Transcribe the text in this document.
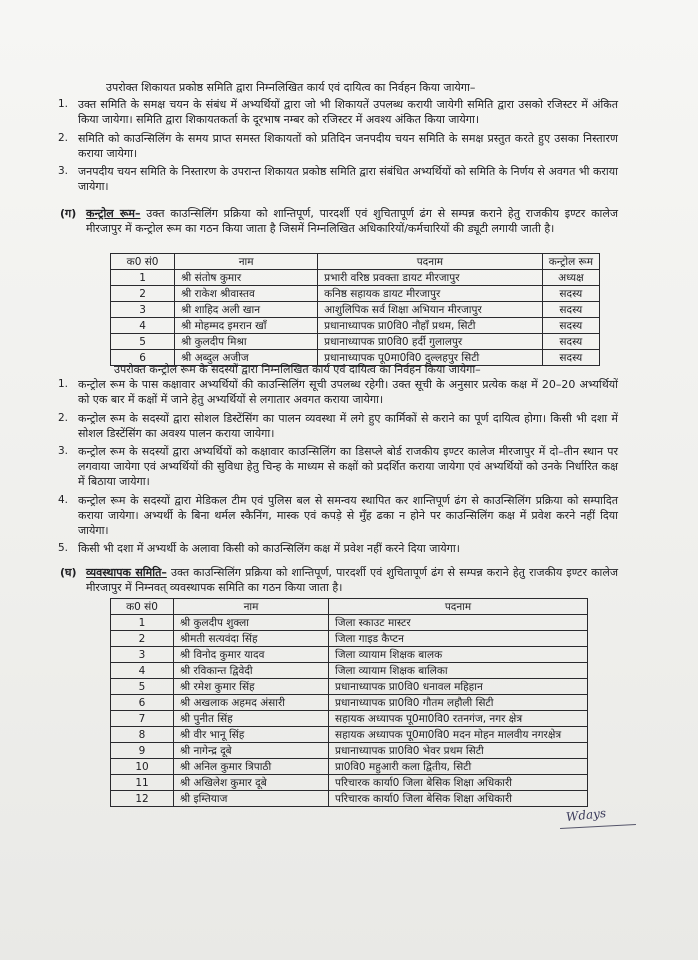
उपरोक्त शिकायत प्रकोष्ठ समिति द्वारा निम्नलिखित कार्य एवं दायित्व का निर्वहन किया जायेगा–

1. उक्त समिति के समक्ष चयन के संबंध में अभ्यर्थियों द्वारा जो भी शिकायतें उपलब्ध करायी जायेगी समिति द्वारा उसको रजिस्टर में अंकित किया जायेगा। समिति द्वारा शिकायतकर्ता के दूरभाष नम्बर को रजिस्टर में अवश्य अंकित किया जायेगा।

2. समिति को काउन्सिलिंग के समय प्राप्त समस्त शिकायतों को प्रतिदिन जनपदीय चयन समिति के समक्ष प्रस्तुत करते हुए उसका निस्तारण कराया जायेगा।

3. जनपदीय चयन समिति के निस्तारण के उपरान्त शिकायत प्रकोष्ठ समिति द्वारा संबंधित अभ्यर्थियों को समिति के निर्णय से अवगत भी कराया जायेगा।

(ग) कन्ट्रोल रूम– उक्त काउन्सिलिंग प्रक्रिया को शान्तिपूर्ण, पारदर्शी एवं शुचितापूर्ण ढंग से सम्पन्न कराने हेतु राजकीय इण्टर कालेज मीरजापुर में कन्ट्रोल रूम का गठन किया जाता है जिसमें निम्नलिखित अधिकारियों/कर्मचारियों की ड्यूटी लगायी जाती है।

क0 सं0	नाम	पदनाम	कन्ट्रोल रूम
1	श्री संतोष कुमार	प्रभारी वरिष्ठ प्रवक्ता डायट मीरजापुर	अध्यक्ष
2	श्री राकेश श्रीवास्तव	कनिष्ठ सहायक डायट मीरजापुर	सदस्य
3	श्री शाहिद अली खान	आशुलिपिक सर्व शिक्षा अभियान मीरजापुर	सदस्य
4	श्री मोहम्मद इमरान खाँ	प्रधानाध्यापक प्रा0वि0 नौहाँ प्रथम, सिटी	सदस्य
5	श्री कुलदीप मिश्रा	प्रधानाध्यापक प्रा0वि0 हर्दी गुलालपुर	सदस्य
6	श्री अब्दुल अजीज	प्रधानाध्यापक पू0मा0वि0 दुल्लहपुर सिटी	सदस्य

उपरोक्त कन्ट्रोल रूम के सदस्यों द्वारा निम्नलिखित कार्य एवं दायित्व का निर्वहन किया जायेगा–

1. कन्ट्रोल रूम के पास कक्षावार अभ्यर्थियों की काउन्सिलिंग सूची उपलब्ध रहेगी। उक्त सूची के अनुसार प्रत्येक कक्ष में 20–20 अभ्यर्थियों को एक बार में कक्षों में जाने हेतु अभ्यर्थियों से लगातार अवगत कराया जायेगा।

2. कन्ट्रोल रूम के सदस्यों द्वारा सोशल डिस्टेंसिंग का पालन व्यवस्था में लगे हुए कार्मिकों से कराने का पूर्ण दायित्व होगा। किसी भी दशा में सोशल डिस्टेंसिंग का अवश्य पालन कराया जायेगा।

3. कन्ट्रोल रूम के सदस्यों द्वारा अभ्यर्थियों को कक्षावार काउन्सिलिंग का डिसप्ले बोर्ड राजकीय इण्टर कालेज मीरजापुर में दो–तीन स्थान पर लगवाया जायेगा एवं अभ्यर्थियों की सुविधा हेतु चिन्ह के माध्यम से कक्षों को प्रदर्शित कराया जायेगा एवं अभ्यर्थियों को उनके निर्धारित कक्ष में बिठाया जायेगा।

4. कन्ट्रोल रूम के सदस्यों द्वारा मेडिकल टीम एवं पुलिस बल से समन्वय स्थापित कर शान्तिपूर्ण ढंग से काउन्सिलिंग प्रक्रिया को सम्पादित कराया जायेगा। अभ्यर्थी के बिना थर्मल स्कैनिंग, मास्क एवं कपड़े से मुँह ढका न होने पर काउन्सिलिंग कक्ष में प्रवेश करने नहीं दिया जायेगा।

5. किसी भी दशा में अभ्यर्थी के अलावा किसी को काउन्सिलिंग कक्ष में प्रवेश नहीं करने दिया जायेगा।

(घ) व्यवस्थापक समिति– उक्त काउन्सिलिंग प्रक्रिया को शान्तिपूर्ण, पारदर्शी एवं शुचितापूर्ण ढंग से सम्पन्न कराने हेतु राजकीय इण्टर कालेज मीरजापुर में निम्नवत् व्यवस्थापक समिति का गठन किया जाता है।

क0 सं0	नाम	पदनाम
1	श्री कुलदीप शुक्ला	जिला स्काउट मास्टर
2	श्रीमती सत्यवंदा सिंह	जिला गाइड कैप्टन
3	श्री विनोद कुमार यादव	जिला व्यायाम शिक्षक बालक
4	श्री रविकान्त द्विवेदी	जिला व्यायाम शिक्षक बालिका
5	श्री रमेश कुमार सिंह	प्रधानाध्यापक प्रा0वि0 धनावल महिहान
6	श्री अखलाक अहमद अंसारी	प्रधानाध्यापक प्रा0वि0 गौतम लहौली सिटी
7	श्री पुनीत सिंह	सहायक अध्यापक पू0मा0वि0 रतनगंज, नगर क्षेत्र
8	श्री वीर भानू सिंह	सहायक अध्यापक पू0मा0वि0 मदन मोहन मालवीय नगरक्षेत्र
9	श्री नागेन्द्र दूबे	प्रधानाध्यापक प्रा0वि0 भेवर प्रथम सिटी
10	श्री अनिल कुमार त्रिपाठी	प्रा0वि0 महुआरी कला द्वितीय, सिटी
11	श्री अखिलेश कुमार दूबे	परिचारक कार्या0 जिला बेसिक शिक्षा अधिकारी
12	श्री इम्तियाज	परिचारक कार्या0 जिला बेसिक शिक्षा अधिकारी
Wdays
